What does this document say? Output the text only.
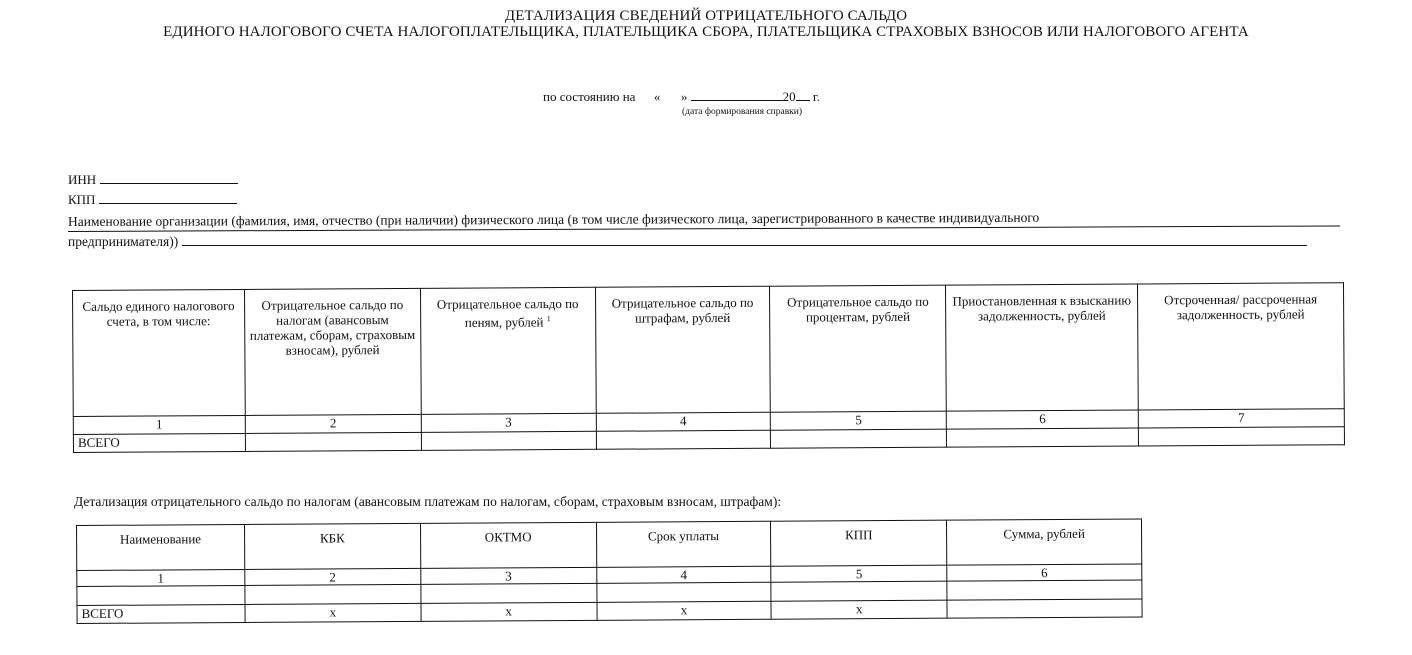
ДЕТАЛИЗАЦИЯ СВЕДЕНИЙ ОТРИЦАТЕЛЬНОГО САЛЬДО
ЕДИНОГО НАЛОГОВОГО СЧЕТА НАЛОГОПЛАТЕЛЬЩИКА, ПЛАТЕЛЬЩИКА СБОРА, ПЛАТЕЛЬЩИКА СТРАХОВЫХ ВЗНОСОВ ИЛИ НАЛОГОВОГО АГЕНТА
по состоянию на « »	20 г.
(дата формирования справки)
ИНН
КПП
Наименование организации (фамилия, имя, отчество (при наличии) физического лица (в том числе физического лица, зарегистрированного в качестве индивидуального
предпринимателя))
Сальдо единого налогового счета, в том числе:	Отрицательное сальдо по налогам (авансовым платежам, сборам, страховым взносам), рублей	Отрицательное сальдо по пеням, рублей $^1$	Отрицательное сальдо по штрафам, рублей	Отрицательное сальдо по процентам, рублей	Приостановленная к взысканию задолженность, рублей	Отсроченная/ рассроченная задолженность, рублей
1	2	3	4	5	6	7
ВСЕГО						
Детализация отрицательного сальдо по налогам (авансовым платежам по налогам, сборам, страховым взносам, штрафам):
Наименование	КБК	ОКТМО	Срок уплаты	КПП	Сумма, рублей
1	2	3	4	5	6

ВСЕГО	х	х	х	х	
